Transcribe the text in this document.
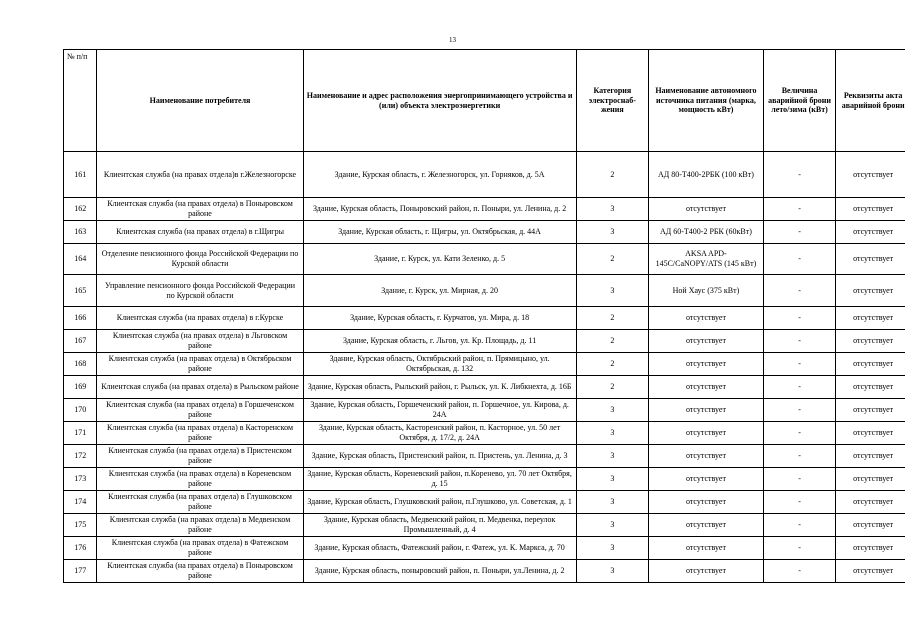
13
№ п/п	Наименование потребителя	Наименование и адрес расположения энергопринимающего устройства и (или) объекта электроэнергетики	Категория электроснаб-жения	Наименование автономного источника питания (марка, мощность кВт)	Величина аварийной брони лето/зима (кВт)	Реквизиты акта аварийной брони
161	Клиентская служба (на правах отдела)в г.Железногорске	Здание, Курская область, г. Железногорск, ул. Горняков, д. 5А	2	АД 80-Т400-2РБК (100 кВт)	-	отсутствует
162	Клиентская служба (на правах отдела) в Поныровском районе	Здание, Курская область, Поныровский район, п. Поныри, ул. Ленина, д. 2	3	отсутствует	-	отсутствует
163	Клиентская служба (на правах отдела) в г.Щигры	Здание, Курская область, г. Щигры, ул. Октябрьская, д. 44А	3	АД 60-Т400-2 РБК (60кВт)	-	отсутствует
164	Отделение пенсионного фонда Российской Федерации по Курской области	Здание, г. Курск, ул. Кати Зеленко, д. 5	2	AKSA APD-145C/CaNOPY/ATS (145 кВт)	-	отсутствует
165	Управление пенсионного фонда Российской Федерации по Курской области	Здание, г. Курск, ул. Мирная, д. 20	3	Ной Хаус (375 кВт)	-	отсутствует
166	Клиентская служба (на правах отдела) в г.Курске	Здание, Курская область, г. Курчатов, ул. Мира, д. 18	2	отсутствует	-	отсутствует
167	Клиентская служба (на правах отдела) в Льговском районе	Здание, Курская область, г. Льгов, ул. Кр. Площадь, д. 11	2	отсутствует	-	отсутствует
168	Клиентская служба (на правах отдела) в Октябрьском районе	Здание, Курская область, Октябрьский район, п. Прямицыно, ул. Октябрьская, д. 132	2	отсутствует	-	отсутствует
169	Клиентская служба (на правах отдела) в Рыльском районе	Здание, Курская область, Рыльский район, г. Рыльск, ул. К. Либкнехта, д. 16Б	2	отсутствует	-	отсутствует
170	Клиентская служба (на правах отдела) в Горшеченском районе	Здание, Курская область, Горшеченский район, п. Горшечное, ул. Кирова, д. 24А	3	отсутствует	-	отсутствует
171	Клиентская служба (на правах отдела) в Касторенском районе	Здание, Курская область, Касторенский район, п. Касторное, ул. 50 лет Октября, д. 17/2, д. 24А	3	отсутствует	-	отсутствует
172	Клиентская служба (на правах отдела) в Пристенском районе	Здание, Курская область, Пристенский район, п. Пристень, ул. Ленина, д. 3	3	отсутствует	-	отсутствует
173	Клиентская служба (на правах отдела) в Кореневском районе	Здание, Курская область, Кореневский район, п.Коренево, ул. 70 лет Октября, д. 15	3	отсутствует	-	отсутствует
174	Клиентская служба (на правах отдела) в Глушковском районе	Здание, Курская область, Глушковский район, п.Глушково, ул. Советская, д. 1	3	отсутствует	-	отсутствует
175	Клиентская служба (на правах отдела) в Медвенском районе	Здание, Курская область, Медвенский район, п. Медвенка, переулок Промышленный, д. 4	3	отсутствует	-	отсутствует
176	Клиентская служба (на правах отдела) в Фатежском районе	Здание, Курская область, Фатежский район, г. Фатеж, ул. К. Маркса, д. 70	3	отсутствует	-	отсутствует
177	Клиентская служба (на правах отдела) в Поныровском районе	Здание, Курская область, поныровский район, п. Поныри, ул.Ленина, д. 2	3	отсутствует	-	отсутствует
